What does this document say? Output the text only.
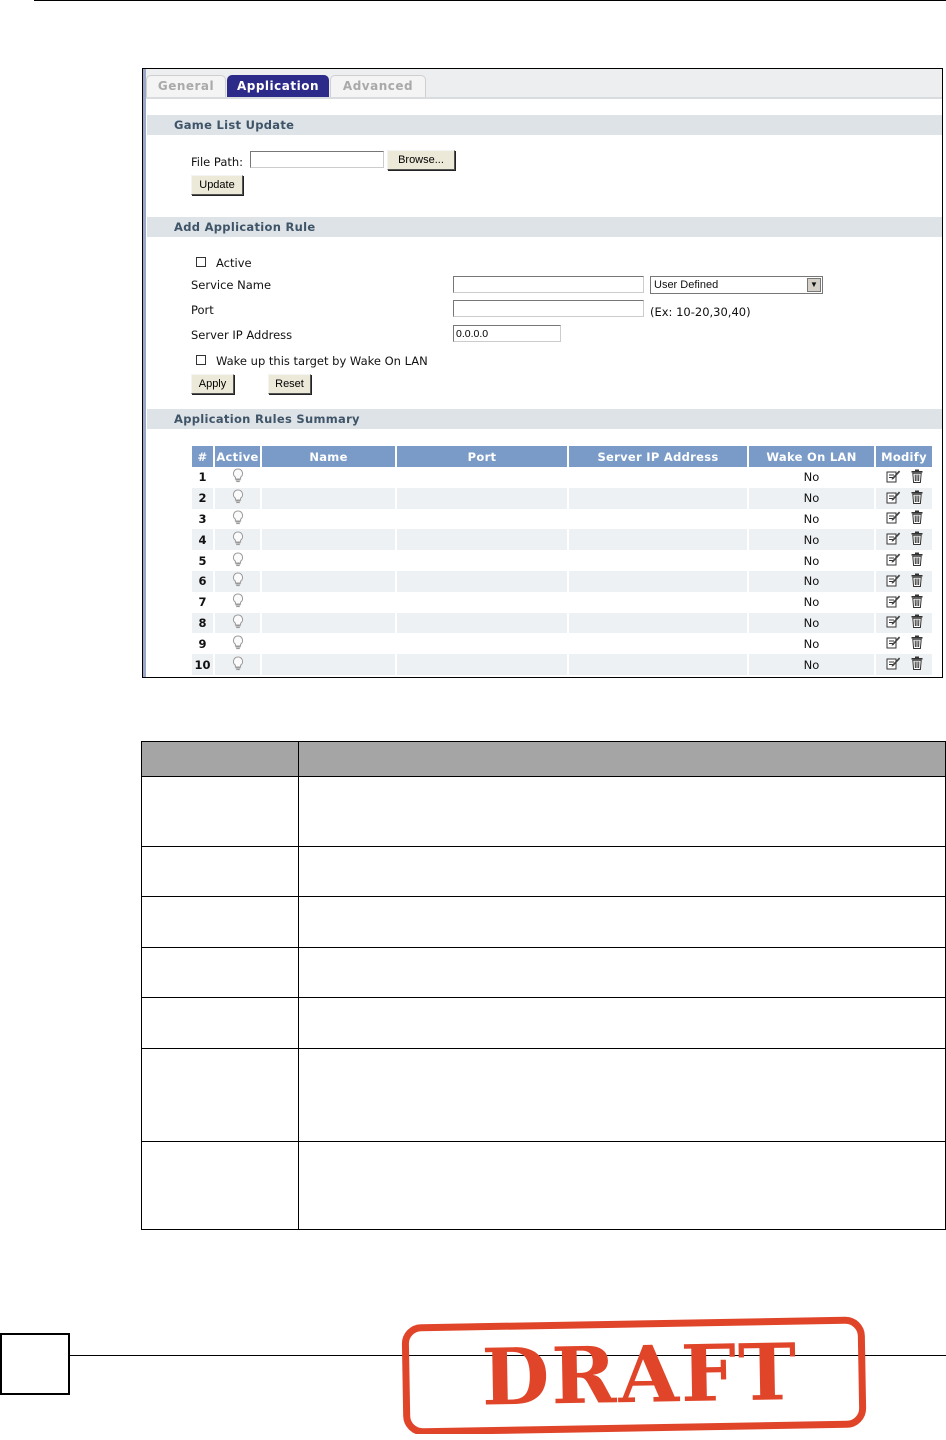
General	Application	Advanced
Game List Update
File Path:	Browse...
Update
Add Application Rule
Active
Service Name	User Defined	▼
Port	(Ex: 10-20,30,40)
Server IP Address
0.0.0.0
Wake up this target by Wake On LAN
Apply	Reset
Application Rules Summary
#	Active	Name	Port	Server IP Address	Wake On LAN	Modify
1					No	
2					No	
3					No	
4					No	
5					No	
6					No	
7					No	
8					No	
9					No	
10					No	

DRAFT
